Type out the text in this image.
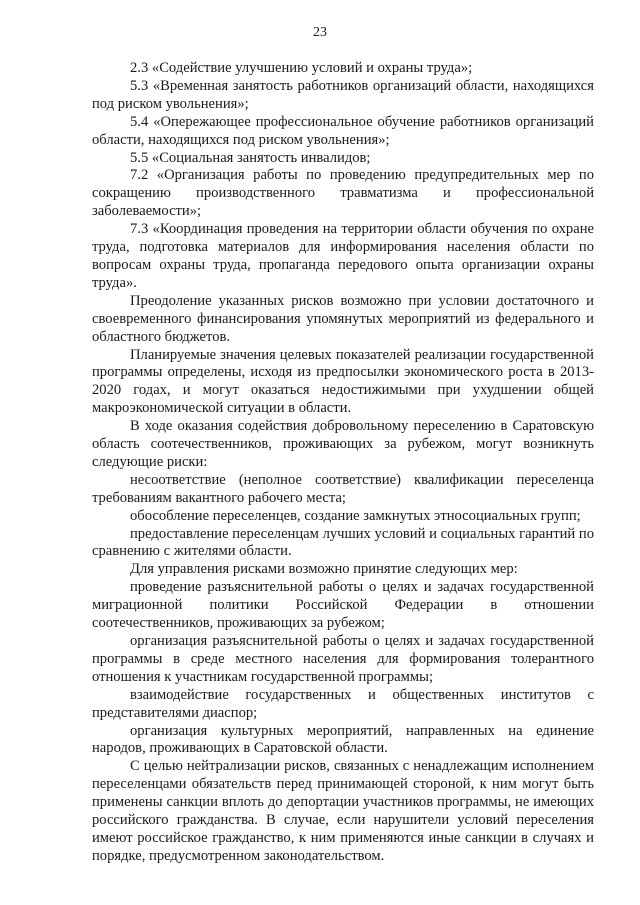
23

2.3 «Содействие улучшению условий и охраны труда»;

5.3 «Временная занятость работников организаций области, находящихся под риском увольнения»;

5.4 «Опережающее профессиональное обучение работников организаций области, находящихся под риском увольнения»;

5.5 «Социальная занятость инвалидов;

7.2 «Организация работы по проведению предупредительных мер по сокращению производственного травматизма и профессиональной заболеваемости»;

7.3 «Координация проведения на территории области обучения по охране труда, подготовка материалов для информирования населения области по вопросам охраны труда, пропаганда передового опыта организации охраны труда».

Преодоление указанных рисков возможно при условии достаточного и своевременного финансирования упомянутых мероприятий из федерального и областного бюджетов.

Планируемые значения целевых показателей реализации государственной программы определены, исходя из предпосылки экономического роста в 2013-2020 годах, и могут оказаться недостижимыми при ухудшении общей макроэкономической ситуации в области.

В ходе оказания содействия добровольному переселению в Саратовскую область соотечественников, проживающих за рубежом, могут возникнуть следующие риски:

несоответствие (неполное соответствие) квалификации переселенца требованиям вакантного рабочего места;

обособление переселенцев, создание замкнутых этносоциальных групп;

предоставление переселенцам лучших условий и социальных гарантий по сравнению с жителями области.

Для управления рисками возможно принятие следующих мер:

проведение разъяснительной работы о целях и задачах государственной миграционной политики Российской Федерации в отношении соотечественников, проживающих за рубежом;

организация разъяснительной работы о целях и задачах государственной программы в среде местного населения для формирования толерантного отношения к участникам государственной программы;

взаимодействие государственных и общественных институтов с представителями диаспор;

организация культурных мероприятий, направленных на единение народов, проживающих в Саратовской области.

С целью нейтрализации рисков, связанных с ненадлежащим исполнением переселенцами обязательств перед принимающей стороной, к ним могут быть применены санкции вплоть до депортации участников программы, не имеющих российского гражданства. В случае, если нарушители условий переселения имеют российское гражданство, к ним применяются иные санкции в случаях и порядке, предусмотренном законодательством.
